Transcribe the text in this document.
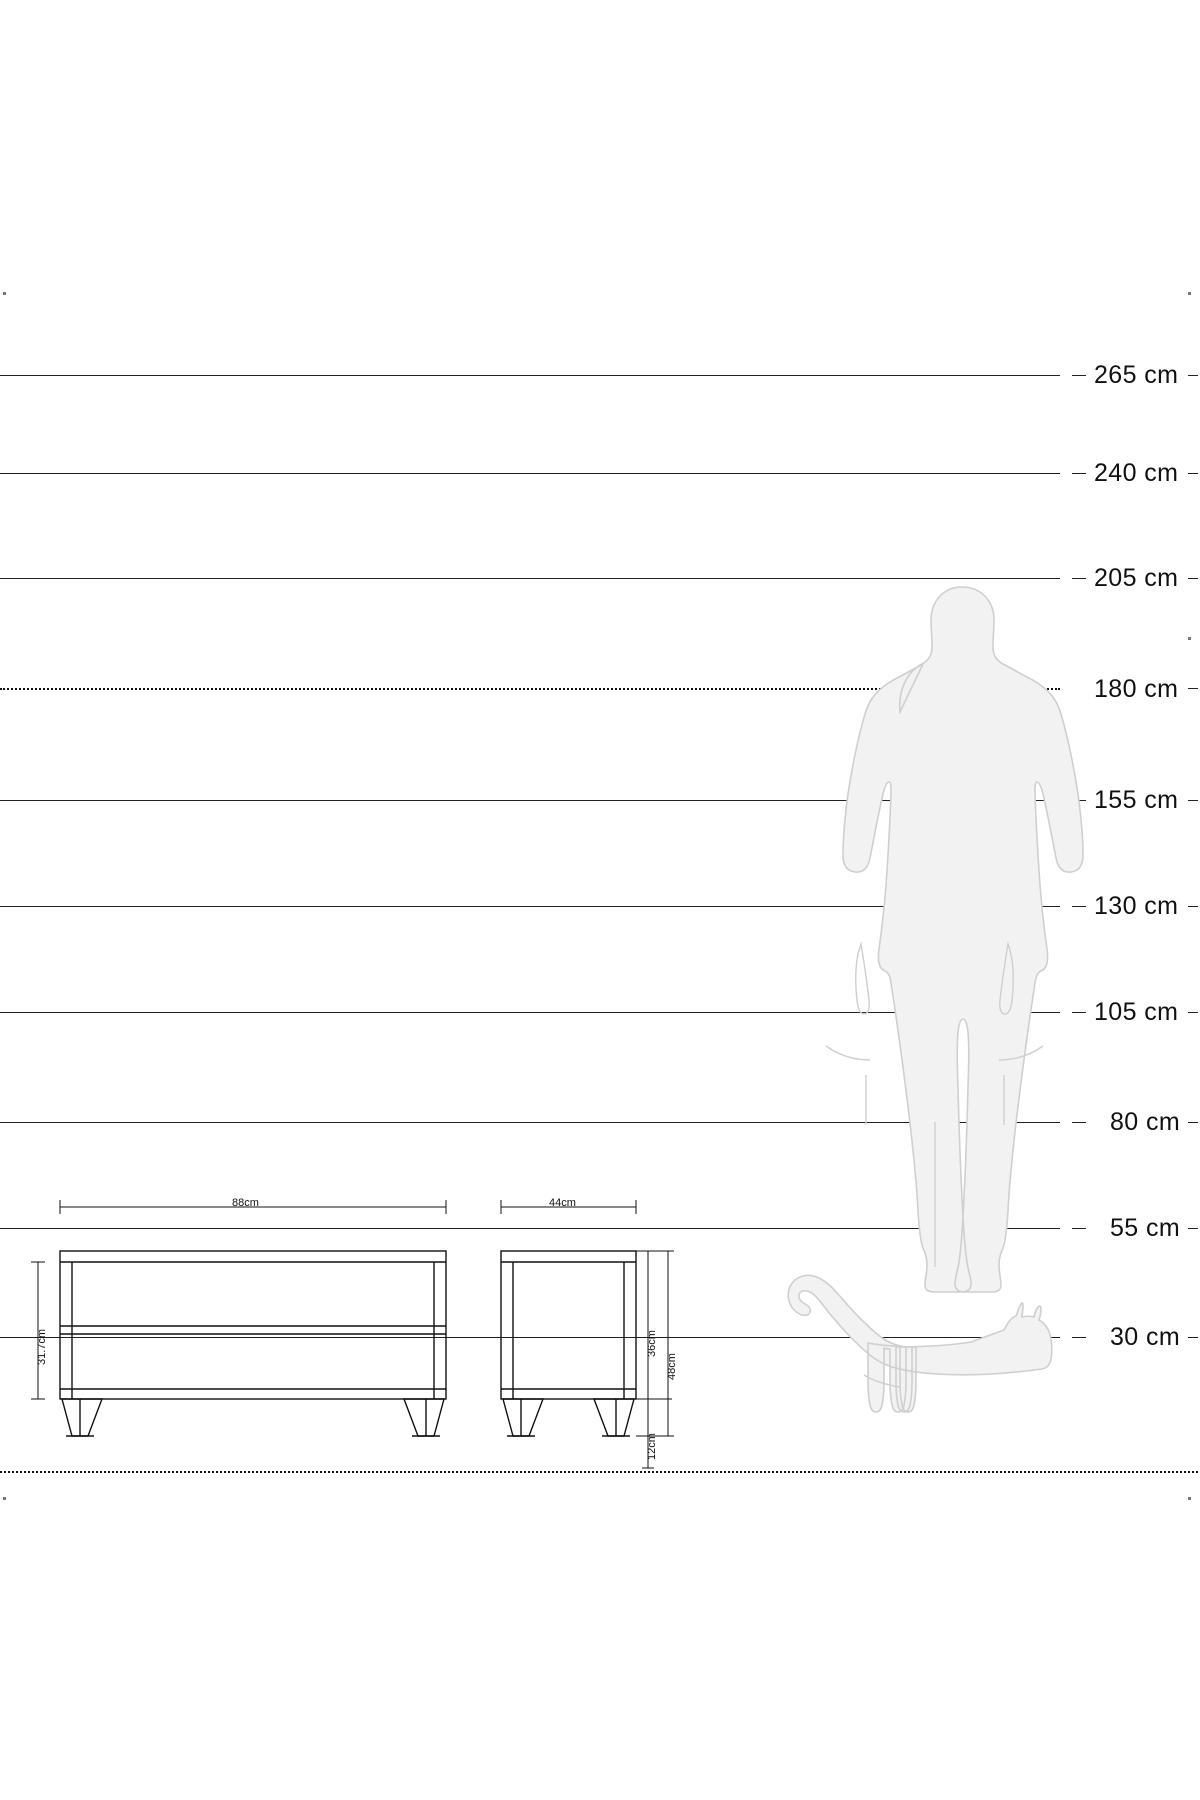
265 cm
240 cm
205 cm
180 cm
155 cm
130 cm
105 cm
80 cm
55 cm
30 cm
88cm	44cm
31.7cm	36cm
48cm
12cm
